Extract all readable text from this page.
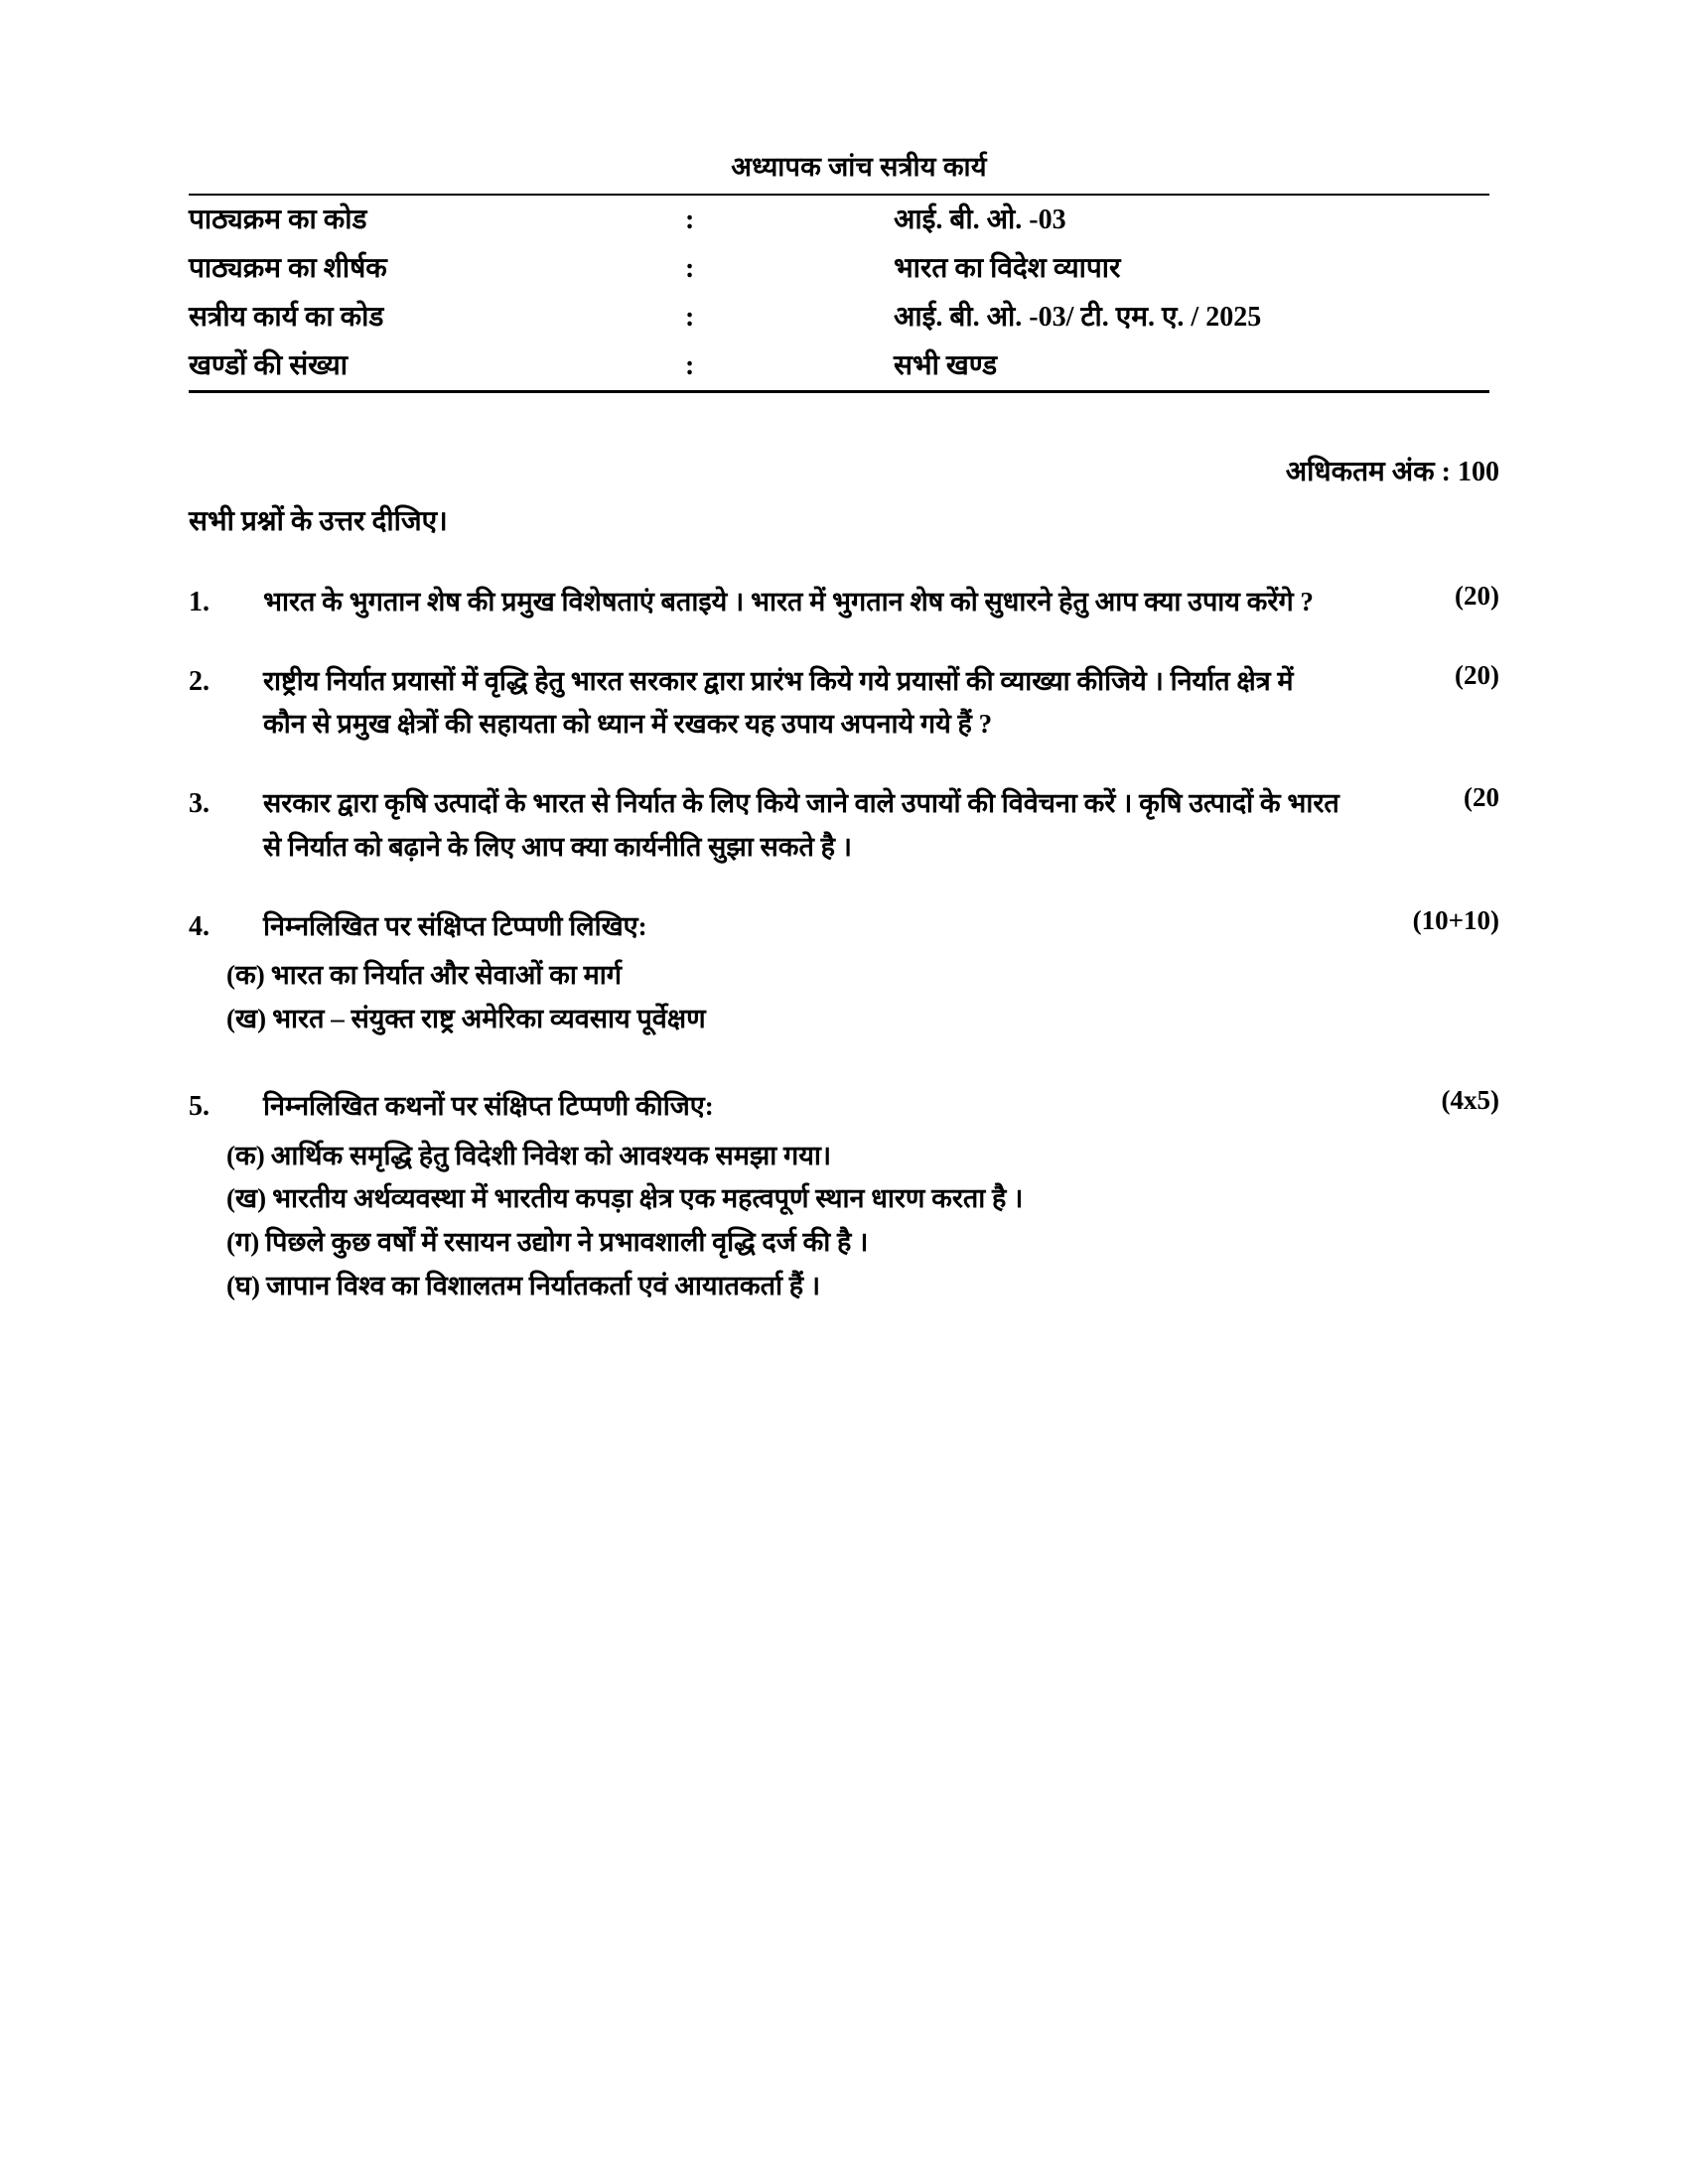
अध्यापक जांच सत्रीय कार्य
पाठ्यक्रम का कोड	:	आई. बी. ओ. -03
पाठ्यक्रम का शीर्षक	:	भारत का विदेश व्यापार
सत्रीय कार्य का कोड	:	आई. बी. ओ. -03/ टी. एम. ए. / 2025
खण्डों की संख्या	:	सभी खण्ड
अधिकतम अंक : 100
सभी प्रश्नों के उत्तर दीजिए।
1.	(20)
भारत के भुगतान शेष की प्रमुख विशेषताएं बताइये । भारत में भुगतान शेष को सुधारने हेतु आप क्या उपाय करेंगे ?
2.	(20)
राष्ट्रीय निर्यात प्रयासों में वृद्धि हेतु भारत सरकार द्वारा प्रारंभ किये गये प्रयासों की व्याख्या कीजिये । निर्यात क्षेत्र में कौन से प्रमुख क्षेत्रों की सहायता को ध्यान में रखकर यह उपाय अपनाये गये हैं ?
3.	(20
सरकार द्वारा कृषि उत्पादों के भारत से निर्यात के लिए किये जाने वाले उपायों की विवेचना करें । कृषि उत्पादों के भारत से निर्यात को बढ़ाने के लिए आप क्या कार्यनीति सुझा सकते है ।
4.	(10+10)
निम्नलिखित पर संक्षिप्त टिप्पणी लिखिए:
(क) भारत का निर्यात और सेवाओं का मार्ग
(ख) भारत – संयुक्त राष्ट्र अमेरिका व्यवसाय पूर्वेक्षण
5.	(4x5)
निम्नलिखित कथनों पर संक्षिप्त टिप्पणी कीजिए:
(क) आर्थिक समृद्धि हेतु विदेशी निवेश को आवश्यक समझा गया।
(ख) भारतीय अर्थव्यवस्था में भारतीय कपड़ा क्षेत्र एक महत्वपूर्ण स्थान धारण करता है ।
(ग) पिछले कुछ वर्षों में रसायन उद्योग ने प्रभावशाली वृद्धि दर्ज की है ।
(घ) जापान विश्व का विशालतम निर्यातकर्ता एवं आयातकर्ता हैं ।
